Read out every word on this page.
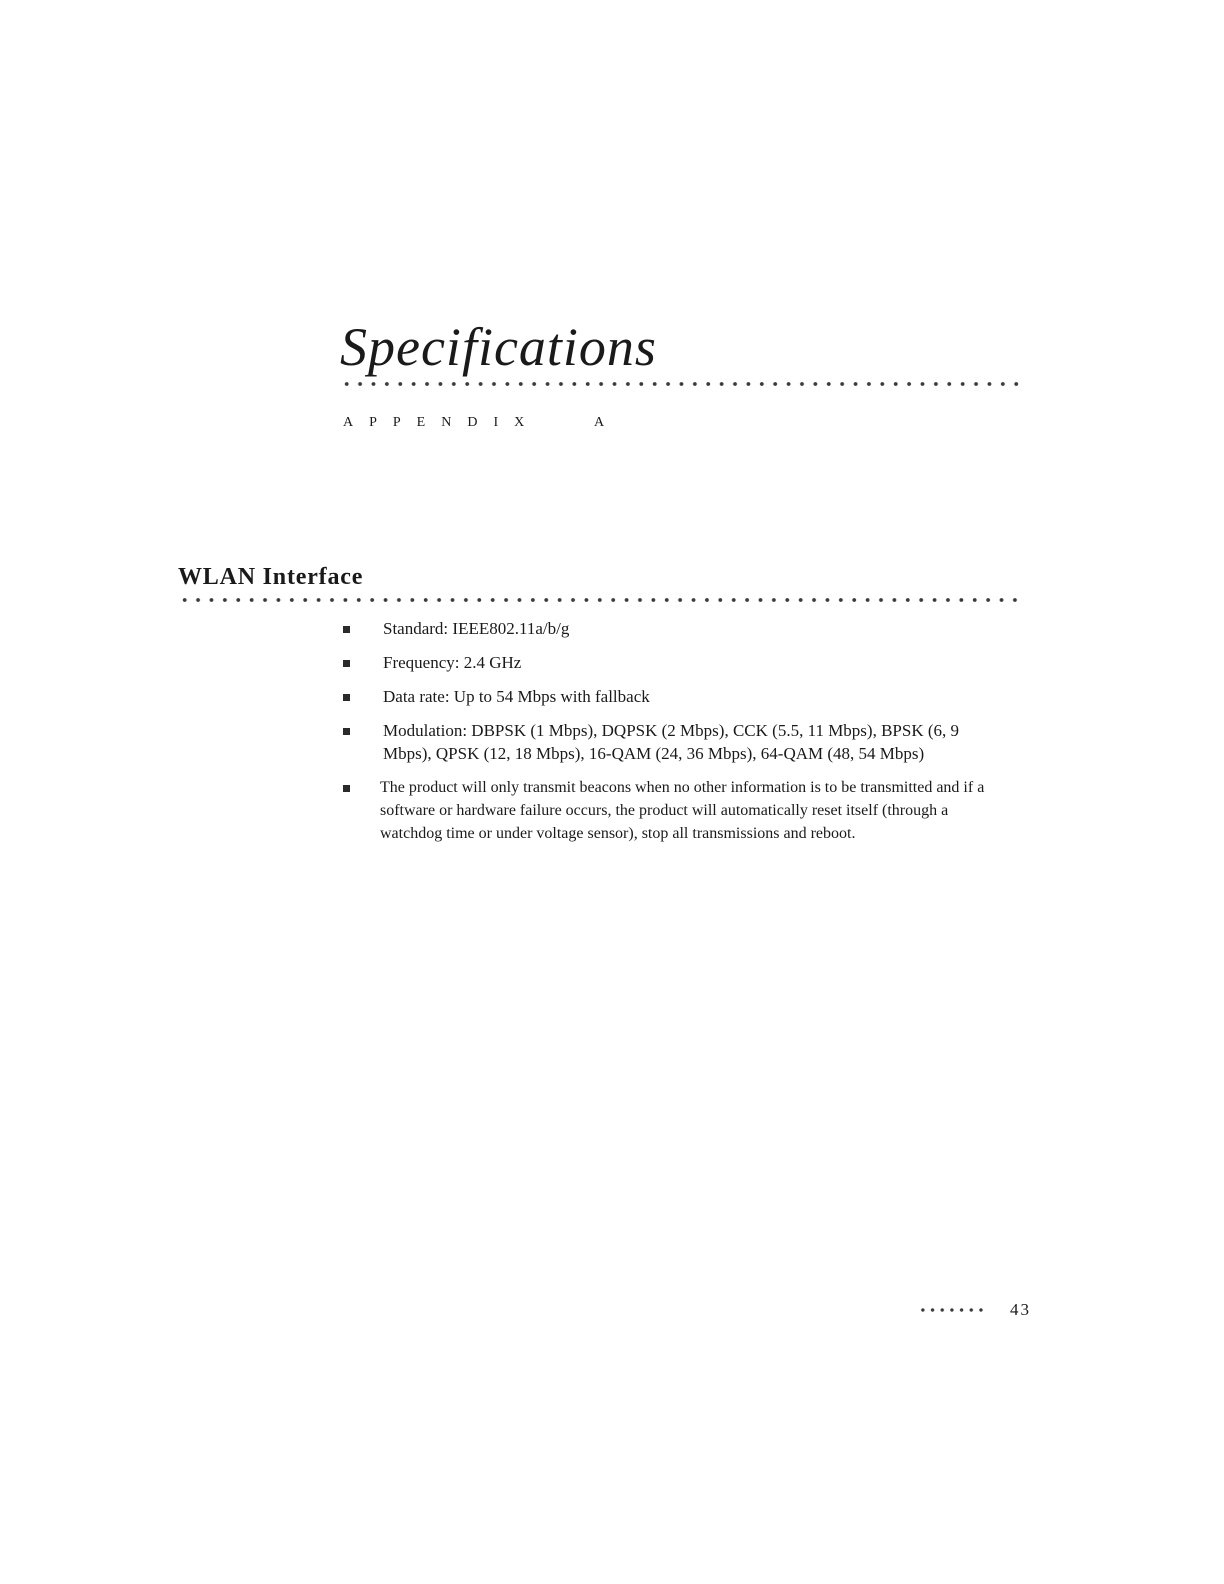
Specifications
APPENDIX	A
WLAN Interface
Standard: IEEE802.11a/b/g
Frequency: 2.4 GHz
Data rate: Up to 54 Mbps with fallback
Modulation: DBPSK (1 Mbps), DQPSK (2 Mbps), CCK (5.5, 11 Mbps), BPSK (6, 9 Mbps), QPSK (12, 18 Mbps), 16-QAM (24, 36 Mbps), 64-QAM (48, 54 Mbps)
The product will only transmit beacons when no other information is to be transmitted and if a software or hardware failure occurs, the product will automatically reset itself (through a watchdog time or under voltage sensor), stop all transmissions and reboot.
43
